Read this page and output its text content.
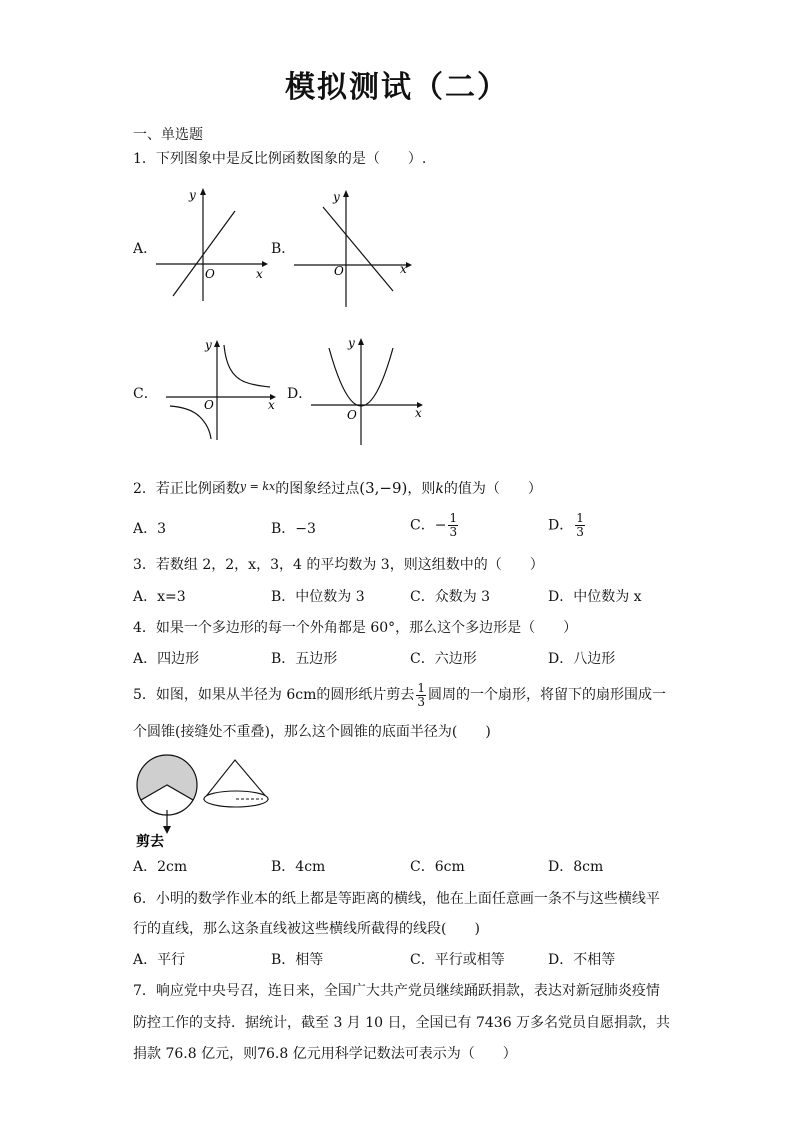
模拟测试（二）
一、单选题
1．下列图象中是反比例函数图象的是（　　）.
A．
y
x
O
B．
y
x
O
C．
y
x
O
D．
y
x
O
2．若正比例函数$^{y = kx}$的图象经过点(3,−9)，则k的值为（　　）
A．3	B．−3	C．− $\frac{1}{3}$	D． $\frac{1}{3}$
3．若数组 2，2，x，3，4 的平均数为 3，则这组数中的（　　）
A．x=3	B．中位数为 3	C．众数为 3	D．中位数为 x
4．如果一个多边形的每一个外角都是 60°，那么这个多边形是（　　）
A．四边形	B．五边形	C．六边形	D．八边形
5．如图，如果从半径为 6cm的圆形纸片剪去 $\frac{1}{3}$ 圆周的一个扇形，将留下的扇形围成一
个圆锥(接缝处不重叠)，那么这个圆锥的底面半径为(　　)
剪去
A．2cm	B．4cm	C．6cm	D．8cm
6．小明的数学作业本的纸上都是等距离的横线，他在上面任意画一条不与这些横线平
行的直线，那么这条直线被这些横线所截得的线段(　　)
A．平行	B．相等	C．平行或相等	D．不相等
7．响应党中央号召，连日来，全国广大共产党员继续踊跃捐款，表达对新冠肺炎疫情
防控工作的支持．据统计，截至 3 月 10 日，全国已有 7436 万多名党员自愿捐款，共
捐款 76.8 亿元，则76.8 亿元用科学记数法可表示为（　　）
